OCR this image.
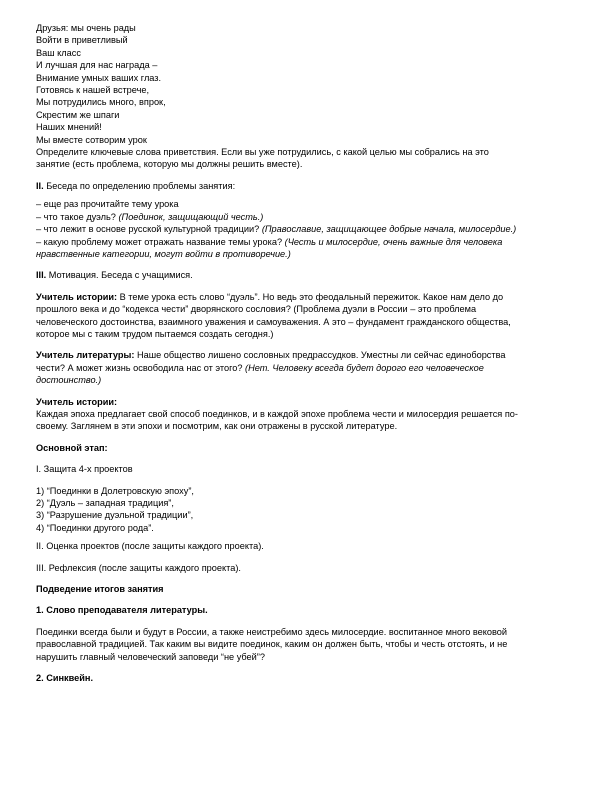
Друзья: мы очень рады
Войти в приветливый
Ваш класс
И лучшая для нас награда –
Внимание умных ваших глаз.
Готовясь к нашей встрече,
Мы потрудились много, впрок,
Скрестим же шпаги
Наших мнений!
Мы вместе сотворим урок
Определите ключевые слова приветствия. Если вы уже потрудились, с какой целью мы собрались на это
занятие (есть проблема, которую мы должны решить вместе).
II. Беседа по определению проблемы занятия:
– еще раз прочитайте тему урока
– что такое дуэль? (Поединок, защищающий честь.)
– что лежит в основе русской культурной традиции? (Православие, защищающее добрые начала, милосердие.)
– какую проблему может отражать название темы урока? (Честь и милосердие, очень важные для человека
нравственные категории, могут войти в противоречие.)
III. Мотивация. Беседа с учащимися.
Учитель истории: В теме урока есть слово “дуэль”. Но ведь это феодальный пережиток. Какое нам дело до
прошлого века и до “кодекса чести” дворянского сословия? (Проблема дуэли в России – это проблема
человеческого достоинства, взаимного уважения и самоуважения. А это – фундамент гражданского общества,
которое мы с таким трудом пытаемся создать сегодня.)
Учитель литературы: Наше общество лишено сословных предрассудков. Уместны ли сейчас единоборства
чести? А может жизнь освободила нас от этого? (Нет. Человеку всегда будет дорого его человеческое
достоинство.)
Учитель истории:
Каждая эпоха предлагает свой способ поединков, и в каждой эпохе проблема чести и милосердия решается по-
своему. Заглянем в эти эпохи и посмотрим, как они отражены в русской литературе.
Основной этап:
I. Защита 4-х проектов
1) “Поединки в Долетровскую эпоху”,
2) “Дуэль – западная традиция”,
3) “Разрушение дуэльной традиции”,
4) “Поединки другого рода”.
II. Оценка проектов (после защиты каждого проекта).
III. Рефлексия (после защиты каждого проекта).
Подведение итогов занятия
1. Слово преподавателя литературы.
Поединки всегда были и будут в России, а также неистребимо здесь милосердие. воспитанное много вековой
православной традицией. Так каким вы видите поединок, каким он должен быть, чтобы и честь отстоять, и не
нарушить главный человеческий заповеди “не убей”?
2. Синквейн.
